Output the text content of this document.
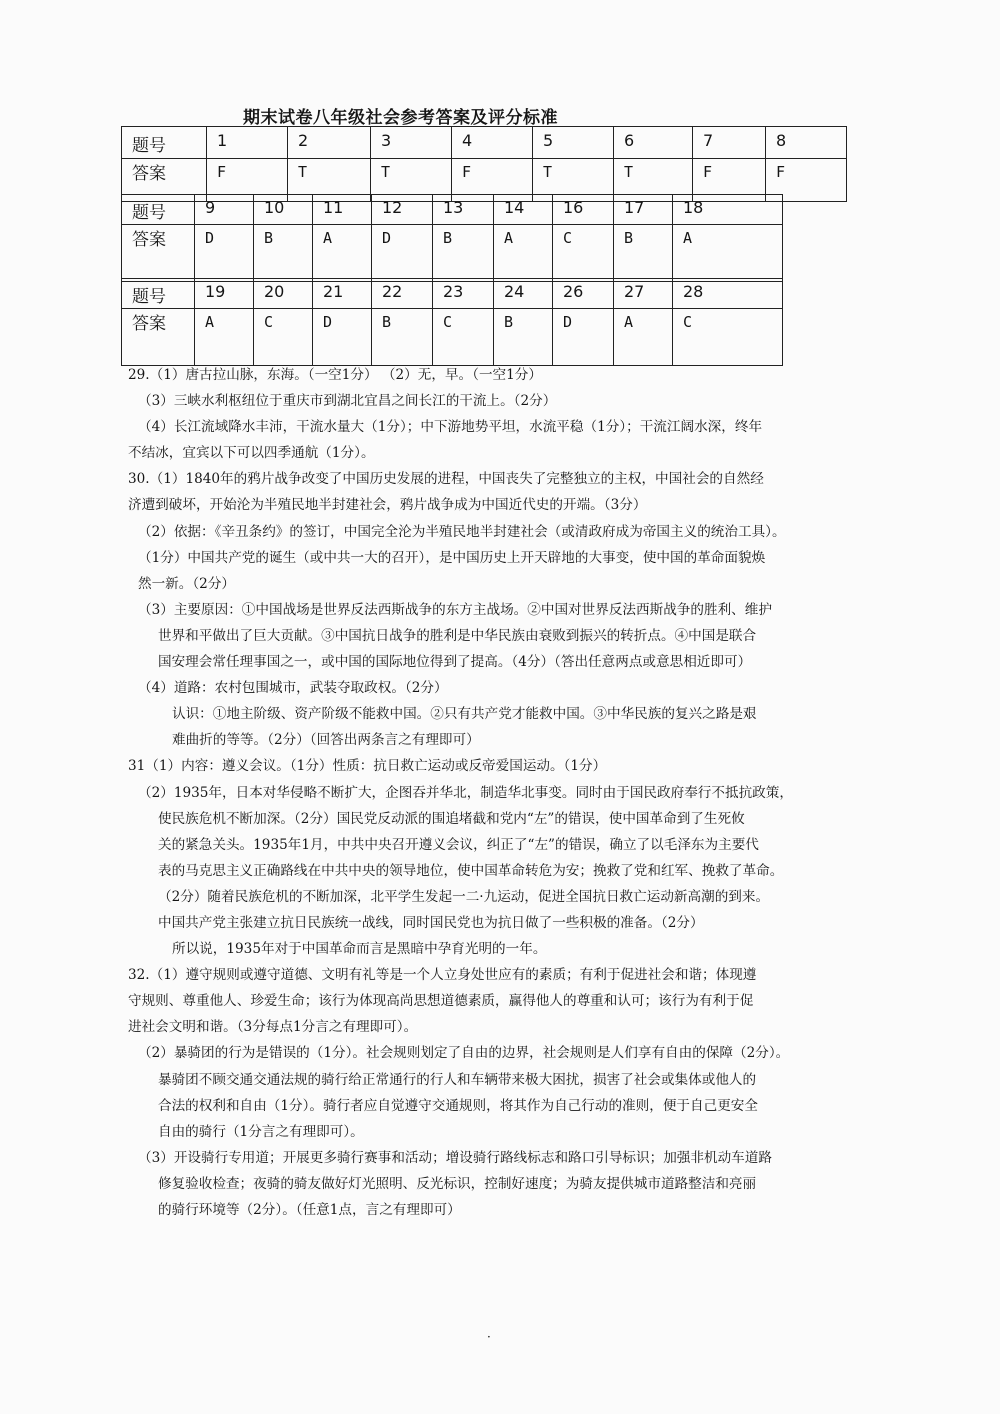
期末试卷八年级社会参考答案及评分标准
题号	1	2	3	4	5	6	7	8
答案	F	T	T	F	T	T	F	F
题号	9	10	11	12	13	14	16	17	18
答案	D	B	A	D	B	A	C	B	A
题号	19	20	21	22	23	24	26	27	28
答案	A	C	D	B	C	B	D	A	C

29.（1）唐古拉山脉，东海。（一空1分） （2）无，早。（一空1分）

（3）三峡水利枢纽位于重庆市到湖北宜昌之间长江的干流上。（2分）

（4）长江流域降水丰沛，干流水量大（1分）；中下游地势平坦，水流平稳（1分）；干流江阔水深，终年

不结冰，宜宾以下可以四季通航（1分）。

30.（1）1840年的鸦片战争改变了中国历史发展的进程，中国丧失了完整独立的主权，中国社会的自然经

济遭到破坏，开始沦为半殖民地半封建社会，鸦片战争成为中国近代史的开端。（3分）

（2）依据：《辛丑条约》的签订，中国完全沦为半殖民地半封建社会（或清政府成为帝国主义的统治工具）。

（1分）中国共产党的诞生（或中共一大的召开），是中国历史上开天辟地的大事变，使中国的革命面貌焕

然一新。（2分）

（3）主要原因：①中国战场是世界反法西斯战争的东方主战场。②中国对世界反法西斯战争的胜利、维护

世界和平做出了巨大贡献。③中国抗日战争的胜利是中华民族由衰败到振兴的转折点。④中国是联合

国安理会常任理事国之一，或中国的国际地位得到了提高。（4分）（答出任意两点或意思相近即可）

（4）道路：农村包围城市，武装夺取政权。（2分）

认识：①地主阶级、资产阶级不能救中国。②只有共产党才能救中国。③中华民族的复兴之路是艰

难曲折的等等。（2分）（回答出两条言之有理即可）

31（1）内容：遵义会议。（1分）性质：抗日救亡运动或反帝爱国运动。（1分）

（2）1935年，日本对华侵略不断扩大，企图吞并华北，制造华北事变。同时由于国民政府奉行不抵抗政策，

使民族危机不断加深。（2分）国民党反动派的围追堵截和党内“左”的错误，使中国革命到了生死攸

关的紧急关头。1935年1月，中共中央召开遵义会议，纠正了“左”的错误，确立了以毛泽东为主要代

表的马克思主义正确路线在中共中央的领导地位，使中国革命转危为安；挽救了党和红军、挽救了革命。

（2分）随着民族危机的不断加深，北平学生发起一二·九运动，促进全国抗日救亡运动新高潮的到来。

中国共产党主张建立抗日民族统一战线，同时国民党也为抗日做了一些积极的准备。（2分）

所以说，1935年对于中国革命而言是黑暗中孕育光明的一年。

32.（1）遵守规则或遵守道德、文明有礼等是一个人立身处世应有的素质；有利于促进社会和谐；体现遵

守规则、尊重他人、珍爱生命；该行为体现高尚思想道德素质，赢得他人的尊重和认可；该行为有利于促

进社会文明和谐。（3分每点1分言之有理即可）。

（2）暴骑团的行为是错误的（1分）。社会规则划定了自由的边界，社会规则是人们享有自由的保障（2分）。

暴骑团不顾交通交通法规的骑行给正常通行的行人和车辆带来极大困扰，损害了社会或集体或他人的

合法的权利和自由（1分）。骑行者应自觉遵守交通规则，将其作为自己行动的准则，便于自己更安全

自由的骑行（1分言之有理即可）。

（3）开设骑行专用道；开展更多骑行赛事和活动；增设骑行路线标志和路口引导标识；加强非机动车道路

修复验收检查；夜骑的骑友做好灯光照明、反光标识，控制好速度；为骑友提供城市道路整洁和亮丽

的骑行环境等（2分）。（任意1点，言之有理即可）

·
